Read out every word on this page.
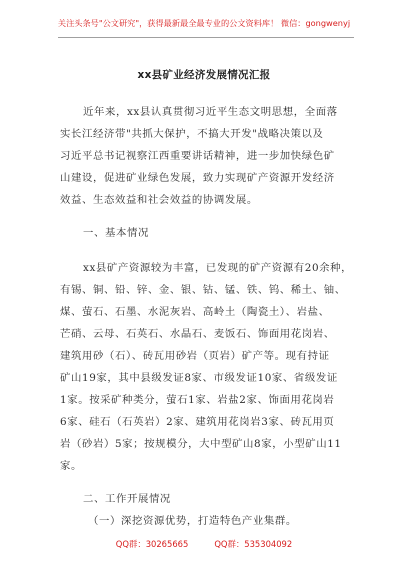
关注头条号"公文研究"，获得最新最全最专业的公文资料库！ 微信：gongwenyj
xx县矿业经济发展情况汇报
近年来，xx县认真贯彻习近平生态文明思想，全面落
实长江经济带"共抓大保护，不搞大开发"战略决策以及
习近平总书记视察江西重要讲话精神，进一步加快绿色矿
山建设，促进矿业绿色发展，致力实现矿产资源开发经济
效益、生态效益和社会效益的协调发展。
一、基本情况
xx县矿产资源较为丰富，已发现的矿产资源有20余种，
有锡、铜、铅、锌、金、银、钴、锰、铁、钨、稀土、铀、
煤、萤石、石墨、水泥灰岩、高岭土（陶瓷土）、岩盐、
芒硝、云母、石英石、水晶石、麦饭石、饰面用花岗岩、
建筑用砂（石）、砖瓦用砂岩（页岩）矿产等。现有持证
矿山19家，其中县级发证8家、市级发证10家、省级发证
1家。按采矿种类分，萤石1家、岩盐2家、饰面用花岗岩
6家、硅石（石英岩）2家、建筑用花岗岩3家、砖瓦用页
岩（砂岩）5家；按规模分，大中型矿山8家，小型矿山11
家。
二、工作开展情况
（一）深挖资源优势，打造特色产业集群。
QQ群：30265665	QQ群：535304092
